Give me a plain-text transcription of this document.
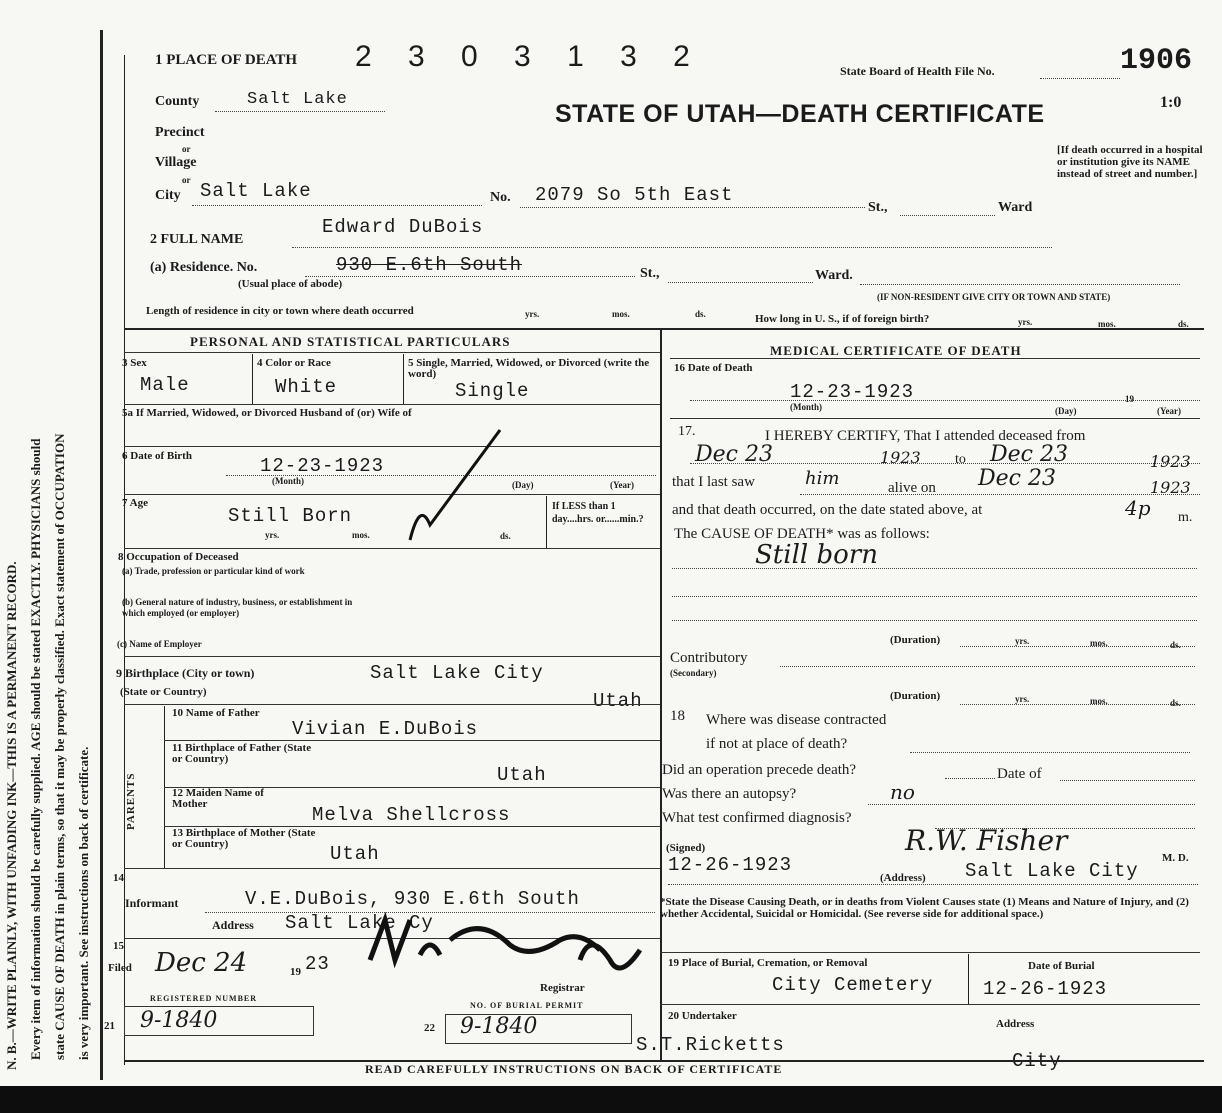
N. B.—WRITE PLAINLY, WITH UNFADING INK—THIS IS A PERMANENT RECORD. Every item of information should be carefully supplied. AGE should be stated EXACTLY. PHYSICIANS should state CAUSE OF DEATH in plain terms, so that it may be properly classified. Exact statement of OCCUPATION is very important. See instructions on back of certificate.
1 PLACE OF DEATH 2 3 0 3 1 3 2	State Board of Health File No.	1906
STATE OF UTAH—DEATH CERTIFICATE	1:0
County	Salt Lake
Precinct
or
Village
or
City Salt Lake	No. 2079 So 5th East
St.,	Ward
[If death occurred in a hospital or institution give its NAME instead of street and number.]
2 FULL NAME
Edward DuBois
(a) Residence. No.	930 E.6th South
(Usual place of abode)
St.,	Ward.
(IF NON-RESIDENT GIVE CITY OR TOWN AND STATE)
Length of residence in city or town where death occurred	yrs.	mos.	ds.	How long in U. S., if of foreign birth?	yrs.	mos.	ds.
PERSONAL AND STATISTICAL PARTICULARS
3 Sex
Male
4 Color or Race
White
5 Single, Married, Widowed, or Divorced (write the word)
Single
5a If Married, Widowed, or Divorced Husband of (or) Wife of
6 Date of Birth	12-23-1923
(Month)	(Day)	(Year)
7 Age
Still Born
yrs.	mos.	ds.
If LESS than 1 day....hrs. or......min.?
8 Occupation of Deceased
(a) Trade, profession or particular kind of work
(b) General nature of industry, business, or establishment in which employed (or employer)
(c) Name of Employer
9 Birthplace (City or town)	Salt Lake City
(State or Country)	Utah
PARENTS
10 Name of Father
Vivian E.DuBois
11 Birthplace of Father (State or Country)
Utah
12 Maiden Name of Mother	Melva Shellcross
13 Birthplace of Mother (State or Country)	Utah
14
Informant	V.E.DuBois, 930 E.6th South
Address Salt Lake Cy
15
Filed Dec 24	19 23
Registrar
REGISTERED NUMBER
21 9-1840
NO. OF BURIAL PERMIT
22 9-1840
MEDICAL CERTIFICATE OF DEATH
16 Date of Death
12-23-1923
(Month)	(Day)
19
(Year)
17.	I HEREBY CERTIFY, That I attended deceased from
Dec 23	1923 to Dec 23	1923
that I last saw	him	alive on Dec 23	1923
and that death occurred, on the date stated above, at	4p m.
The CAUSE OF DEATH* was as follows:
Still born
(Duration)	yrs.	mos.	ds.
Contributory
(Secondary)
(Duration)	yrs.	mos.	ds.
18 Where was disease contracted
if not at place of death?
Did an operation precede death?	Date of
Was there an autopsy?	no
What test confirmed diagnosis?
(Signed)	R.W. Fisher
M. D.
12-26-1923
(Address) Salt Lake City
*State the Disease Causing Death, or in deaths from Violent Causes state (1) Means and Nature of Injury, and (2) whether Accidental, Suicidal or Homicidal. (See reverse side for additional space.)
19 Place of Burial, Cremation, or Removal
City Cemetery
Date of Burial
12-26-1923
20 Undertaker
S.T.Ricketts
Address
City
READ CAREFULLY INSTRUCTIONS ON BACK OF CERTIFICATE
